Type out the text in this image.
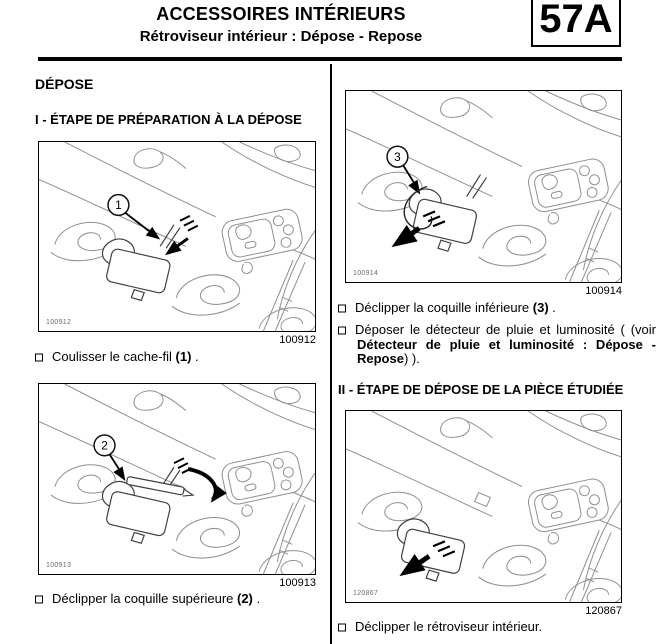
ACCESSOIRES INTÉRIEURS
Rétroviseur intérieur : Dépose - Repose	57A
DÉPOSE
I - ÉTAPE DE PRÉPARATION À LA DÉPOSE
1
100912
100912
Coulisser le cache-fil (1) .
2
100913
100913
Déclipper la coquille supérieure (2) .
3
100914
100914
Déclipper la coquille inférieure (3) .
Déposer le détecteur de pluie et luminosité ( (voir Détecteur de pluie et luminosité : Dépose - Repose) ).
II - ÉTAPE DE DÉPOSE DE LA PIÈCE ÉTUDIÉE
120867
120867
Déclipper le rétroviseur intérieur.
